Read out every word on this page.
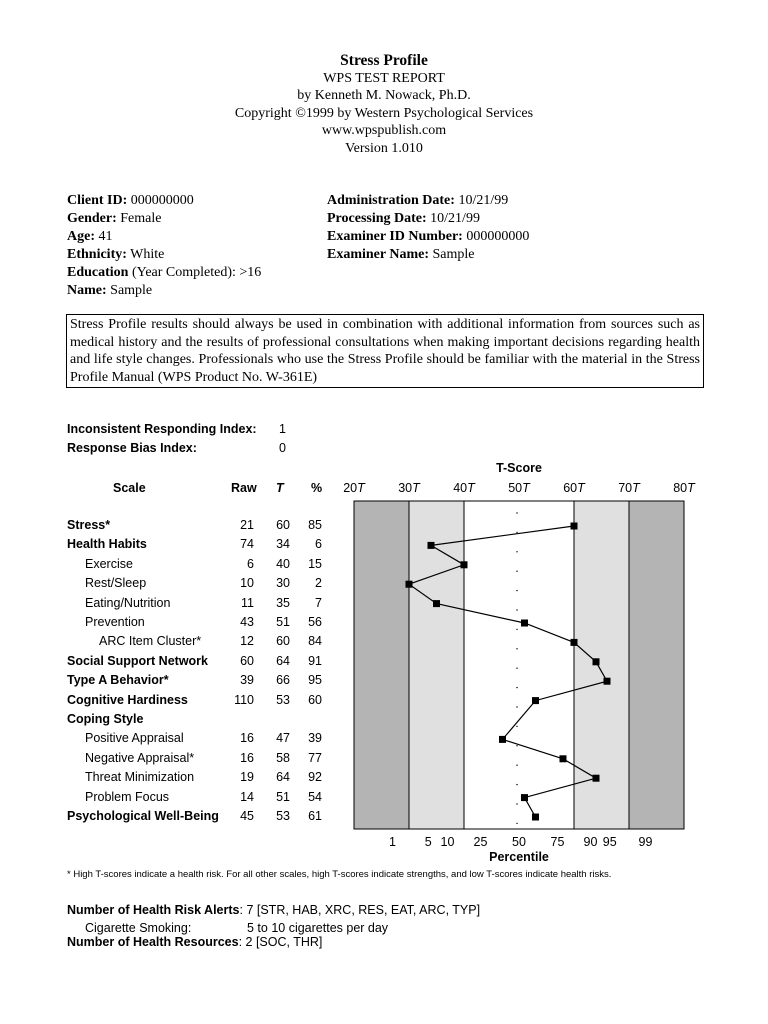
Stress Profile
WPS TEST REPORT
by Kenneth M. Nowack, Ph.D.
Copyright ©1999 by Western Psychological Services
www.wpspublish.com
Version 1.010
Client ID: 000000000
Gender: Female
Age: 41
Ethnicity: White
Education (Year Completed): >16
Name: Sample
Administration Date: 10/21/99
Processing Date: 10/21/99
Examiner ID Number: 000000000
Examiner Name: Sample
Stress Profile results should always be used in combination with additional information from sources such as medical history and the results of professional consultations when making important decisions regarding health and life style changes. Professionals who use the Stress Profile should be familiar with the material in the Stress Profile Manual (WPS Product No. W-361E)
Inconsistent Responding Index: 1
Response Bias Index:	0
Scale	Raw T %
Stress*	21	60	85
Health Habits	74	34	6
Exercise	6	40	15
Rest/Sleep	10	30	2
Eating/Nutrition	11	35	7
Prevention	43	51	56
ARC Item Cluster*	12	60	84
Social Support Network	60	64	91
Type A Behavior*	39	66	95
Cognitive Hardiness	110	53	60
Coping Style
Positive Appraisal	16	47	39
Negative Appraisal*	16	58	77
Threat Minimization	19	64	92
Problem Focus	14	51	54
Psychological Well-Being	45	53	61
T-Score
20T	30T	40T	50T	60T	70T	80T
1 5 10 25 50 75 90 95 99
Percentile
* High T-scores indicate a health risk. For all other scales, high T-scores indicate strengths, and low T-scores indicate health risks.
Number of Health Risk Alerts: 7 [STR, HAB, XRC, RES, EAT, ARC, TYP]
Cigarette Smoking:	5 to 10 cigarettes per day
Number of Health Resources: 2 [SOC, THR]
